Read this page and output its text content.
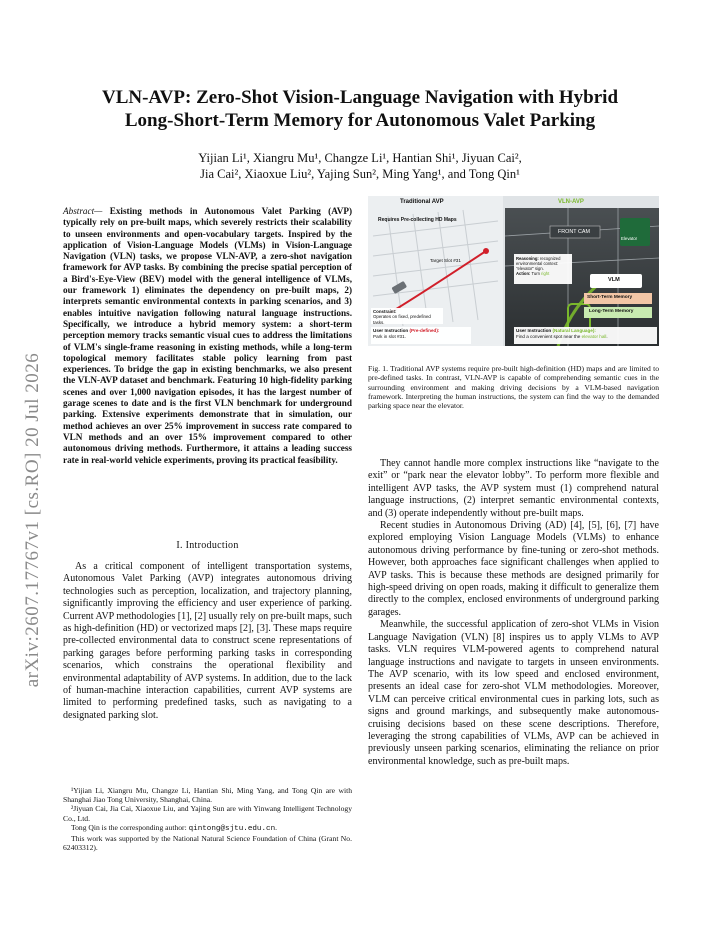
arXiv:2607.17767v1 [cs.RO] 20 Jul 2026
VLN-AVP: Zero-Shot Vision-Language Navigation with Hybrid
Long-Short-Term Memory for Autonomous Valet Parking
Yijian Li¹, Xiangru Mu¹, Changze Li¹, Hantian Shi¹, Jiyuan Cai²,
Jia Cai², Xiaoxue Liu², Yajing Sun², Ming Yang¹, and Tong Qin¹
Abstract— Existing methods in Autonomous Valet Parking (AVP) typically rely on pre-built maps, which severely restricts their scalability to unseen environments and open-vocabulary targets. Inspired by the application of Vision-Language Models (VLMs) in Vision-Language Navigation (VLN) tasks, we propose VLN-AVP, a zero-shot navigation framework for AVP tasks. By combining the precise spatial perception of a Bird's-Eye-View (BEV) model with the general intelligence of VLMs, our framework 1) eliminates the dependency on pre-built maps, 2) interprets semantic environmental contexts in parking scenarios, and 3) enables intuitive navigation following natural language instructions. Specifically, we introduce a hybrid memory system: a short-term perception memory tracks semantic visual cues to address the limitations of VLM's single-frame reasoning in existing methods, while a long-term topological memory facilitates stable policy learning from past experiences. To bridge the gap in existing benchmarks, we also present the VLN-AVP dataset and benchmark. Featuring 10 high-fidelity parking scenes and over 1,000 navigation episodes, it has the largest number of garage scenes to date and is the first VLN benchmark for underground parking. Extensive experiments demonstrate that in simulation, our method achieves an over 25% improvement in success rate compared to VLN methods and an over 15% improvement compared to other autonomous driving methods. Furthermore, it attains a leading success rate in real-world vehicle experiments, proving its practical feasibility.
I. Introduction

As a critical component of intelligent transportation systems, Autonomous Valet Parking (AVP) integrates autonomous driving technologies such as perception, localization, and trajectory planning, significantly improving the efficiency and user experience of parking. Current AVP methodologies [1], [2] usually rely on pre-built maps, such as high-definition (HD) or vectorized maps [2], [3]. These maps require pre-collected environmental data to construct scene representations of parking garages before performing parking tasks in corresponding scenarios, which constrains the operational flexibility and environmental adaptability of AVP systems. In addition, due to the lack of human-machine interaction capabilities, current AVP systems are limited to performing predefined tasks, such as navigating to a designated parking slot.

¹Yijian Li, Xiangru Mu, Changze Li, Hantian Shi, Ming Yang, and Tong Qin are with Shanghai Jiao Tong University, Shanghai, China.

²Jiyuan Cai, Jia Cai, Xiaoxue Liu, and Yajing Sun are with Yinwang Intelligent Technology Co., Ltd.

Tong Qin is the corresponding author: qintong@sjtu.edu.cn.

This work was supported by the National Natural Science Foundation of China (Grant No. 62403312).

Traditional AVP	VLN-AVP
Requires Pre-collecting HD Maps
Target Slot #31
FRONT CAM
Elevator
Reasoning: recognized environmental context: "elevator" sign.
Action: Turn right
VLM
Short-Term Memory
Long-Term Memory
Constraint:
Operates on fixed, predefined tasks.
User Instruction (Pre-defined):
Park in slot #31.
User Instruction (Natural Language):
Find a convenient spot near the elevator hall.
Fig. 1. Traditional AVP systems require pre-built high-definition (HD) maps and are limited to pre-defined tasks. In contrast, VLN-AVP is capable of comprehending semantic cues in the surrounding environment and making driving decisions by a VLM-based navigation framework. Interpreting the human instructions, the system can find the way to the demanded parking space near the elevator.

They cannot handle more complex instructions like “navigate to the exit” or “park near the elevator lobby”. To perform more flexible and intelligent AVP tasks, the AVP system must (1) comprehend natural language instructions, (2) interpret semantic environmental contexts, and (3) operate independently without pre-built maps.

Recent studies in Autonomous Driving (AD) [4], [5], [6], [7] have explored employing Vision Language Models (VLMs) to enhance autonomous driving performance by fine-tuning or zero-shot methods. However, both approaches face significant challenges when applied to AVP tasks. This is because these methods are designed primarily for high-speed driving on open roads, making it difficult to generalize them directly to the complex, enclosed environments of underground parking garages.

Meanwhile, the successful application of zero-shot VLMs in Vision Language Navigation (VLN) [8] inspires us to apply VLMs to AVP tasks. VLN requires VLM-powered agents to comprehend natural language instructions and navigate to targets in unseen environments. The AVP scenario, with its low speed and enclosed environment, presents an ideal case for zero-shot VLM methodologies. Moreover, VLM can perceive critical environmental cues in parking lots, such as signs and ground markings, and subsequently make autonomous-cruising decisions based on these scene descriptions. Therefore, leveraging the strong capabilities of VLMs, AVP can be achieved in previously unseen parking scenarios, eliminating the reliance on prior environmental knowledge, such as pre-built maps.
